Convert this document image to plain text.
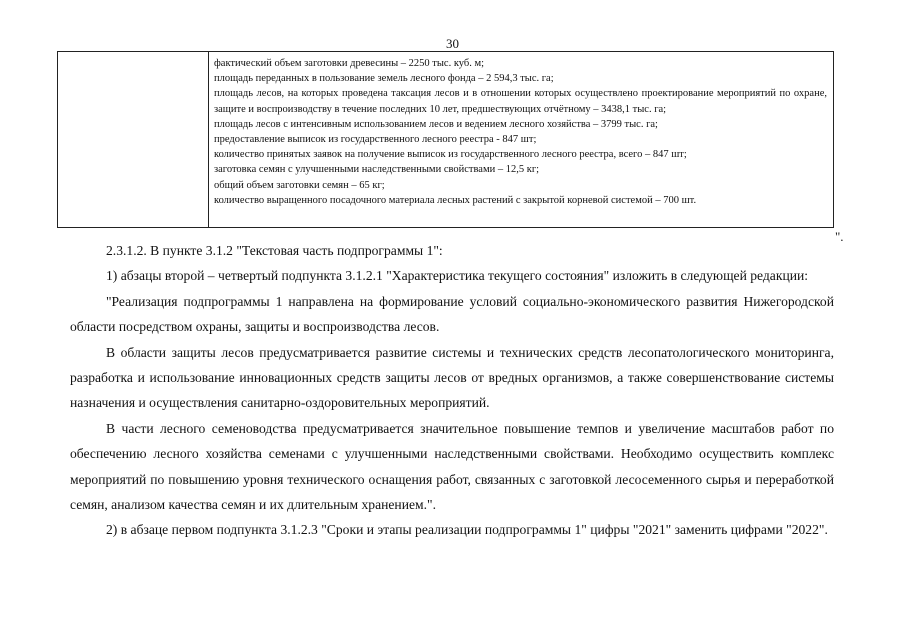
30
фактический объем заготовки древесины – 2250 тыс. куб. м;
площадь переданных в пользование земель лесного фонда – 2 594,3 тыс. га;
площадь лесов, на которых проведена таксация лесов и в отношении которых осуществлено проектирование мероприятий по охране, защите и воспроизводству в течение последних 10 лет, предшествующих отчётному – 3438,1 тыс. га;
площадь лесов с интенсивным использованием лесов и ведением лесного хозяйства – 3799 тыс. га;
предоставление выписок из государственного лесного реестра - 847 шт;
количество принятых заявок на получение выписок из государственного лесного реестра, всего – 847 шт;
заготовка семян с улучшенными наследственными свойствами – 12,5 кг;
общий объем заготовки семян – 65 кг;
количество выращенного посадочного материала лесных растений с закрытой корневой системой – 700 шт.
".

2.3.1.2. В пункте 3.1.2 "Текстовая часть подпрограммы 1":

1) абзацы второй – четвертый подпункта 3.1.2.1 "Характеристика текущего состояния" изложить в следующей редакции:

"Реализация подпрограммы 1 направлена на формирование условий социально-экономического развития Нижегородской области посредством охраны, защиты и воспроизводства лесов.

В области защиты лесов предусматривается развитие системы и технических средств лесопатологического мониторинга, разработка и использование инновационных средств защиты лесов от вредных организмов, а также совершенствование системы назначения и осуществления санитарно-оздоровительных мероприятий.

В части лесного семеноводства предусматривается значительное повышение темпов и увеличение масштабов работ по обеспечению лесного хозяйства семенами с улучшенными наследственными свойствами. Необходимо осуществить комплекс мероприятий по повышению уровня технического оснащения работ, связанных с заготовкой лесосеменного сырья и переработкой семян, анализом качества семян и их длительным хранением.".

2) в абзаце первом подпункта 3.1.2.3 "Сроки и этапы реализации подпрограммы 1" цифры "2021" заменить цифрами "2022".
